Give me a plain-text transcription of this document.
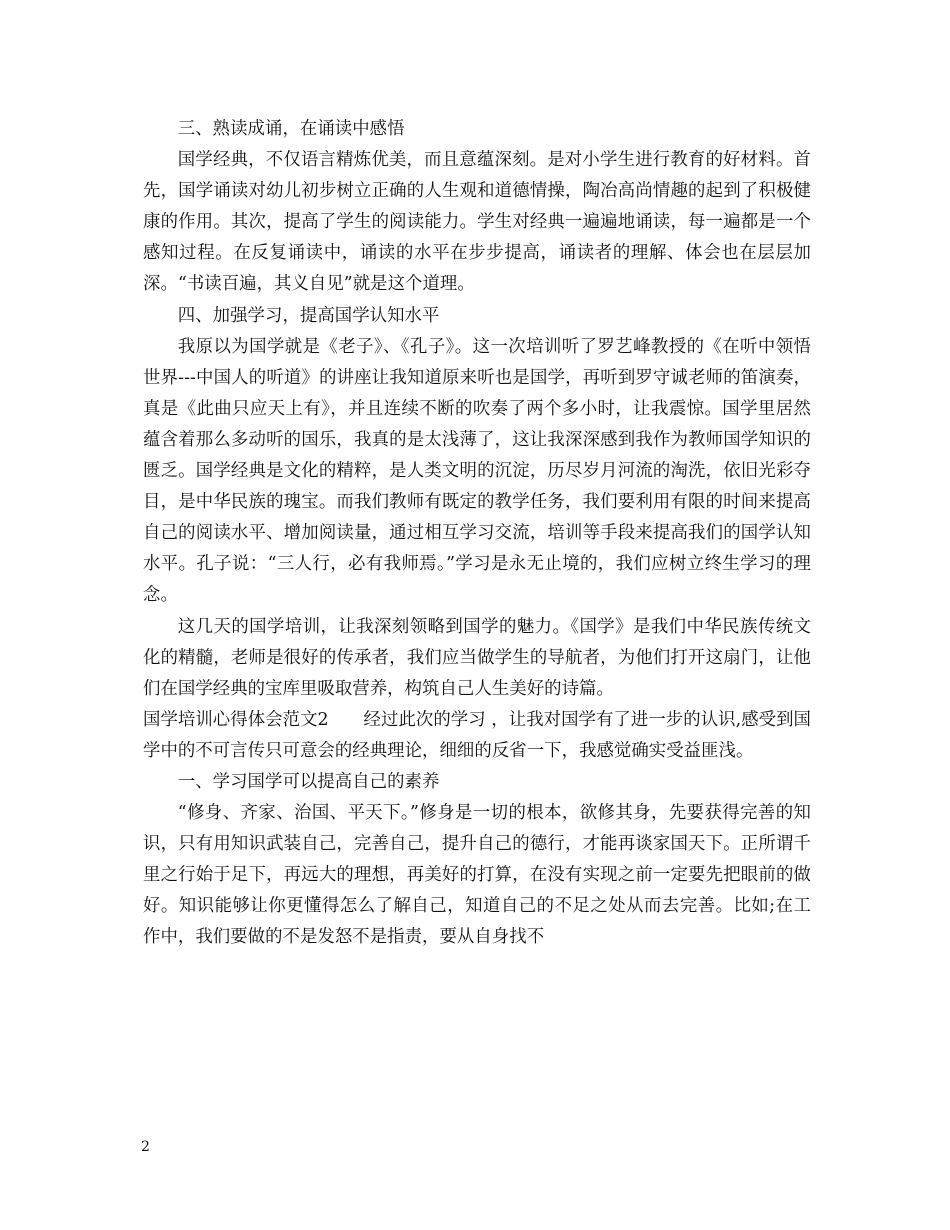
三、熟读成诵，在诵读中感悟

国学经典，不仅语言精炼优美，而且意蕴深刻。是对小学生进行教育的好材料。首先，国学诵读对幼儿初步树立正确的人生观和道德情操，陶冶高尚情趣的起到了积极健康的作用。其次，提高了学生的阅读能力。学生对经典一遍遍地诵读，每一遍都是一个感知过程。在反复诵读中，诵读的水平在步步提高，诵读者的理解、体会也在层层加深。“书读百遍，其义自见”就是这个道理。

四、加强学习，提高国学认知水平

我原以为国学就是《老子》、《孔子》。这一次培训听了罗艺峰教授的《在听中领悟世界---中国人的听道》的讲座让我知道原来听也是国学，再听到罗守诚老师的笛演奏，真是《此曲只应天上有》，并且连续不断的吹奏了两个多小时，让我震惊。国学里居然蕴含着那么多动听的国乐，我真的是太浅薄了，这让我深深感到我作为教师国学知识的匮乏。国学经典是文化的精粹，是人类文明的沉淀，历尽岁月河流的淘洗，依旧光彩夺目，是中华民族的瑰宝。而我们教师有既定的教学任务，我们要利用有限的时间来提高自己的阅读水平、增加阅读量，通过相互学习交流，培训等手段来提高我们的国学认知水平。孔子说：“三人行，必有我师焉。”学习是永无止境的，我们应树立终生学习的理念。

这几天的国学培训，让我深刻领略到国学的魅力。《国学》是我们中华民族传统文化的精髓，老师是很好的传承者，我们应当做学生的导航者，为他们打开这扇门，让他们在国学经典的宝库里吸取营养，构筑自己人生美好的诗篇。

国学培训心得体会范文2　　经过此次的学习 ，让我对国学有了进一步的认识,感受到国学中的不可言传只可意会的经典理论，细细的反省一下，我感觉确实受益匪浅。

一、学习国学可以提高自己的素养

“修身、齐家、治国、平天下。”修身是一切的根本，欲修其身，先要获得完善的知识，只有用知识武装自己，完善自己，提升自己的德行，才能再谈家国天下。正所谓千里之行始于足下，再远大的理想，再美好的打算，在没有实现之前一定要先把眼前的做好。知识能够让你更懂得怎么了解自己，知道自己的不足之处从而去完善。比如;在工作中，我们要做的不是发怒不是指责，要从自身找不

2
